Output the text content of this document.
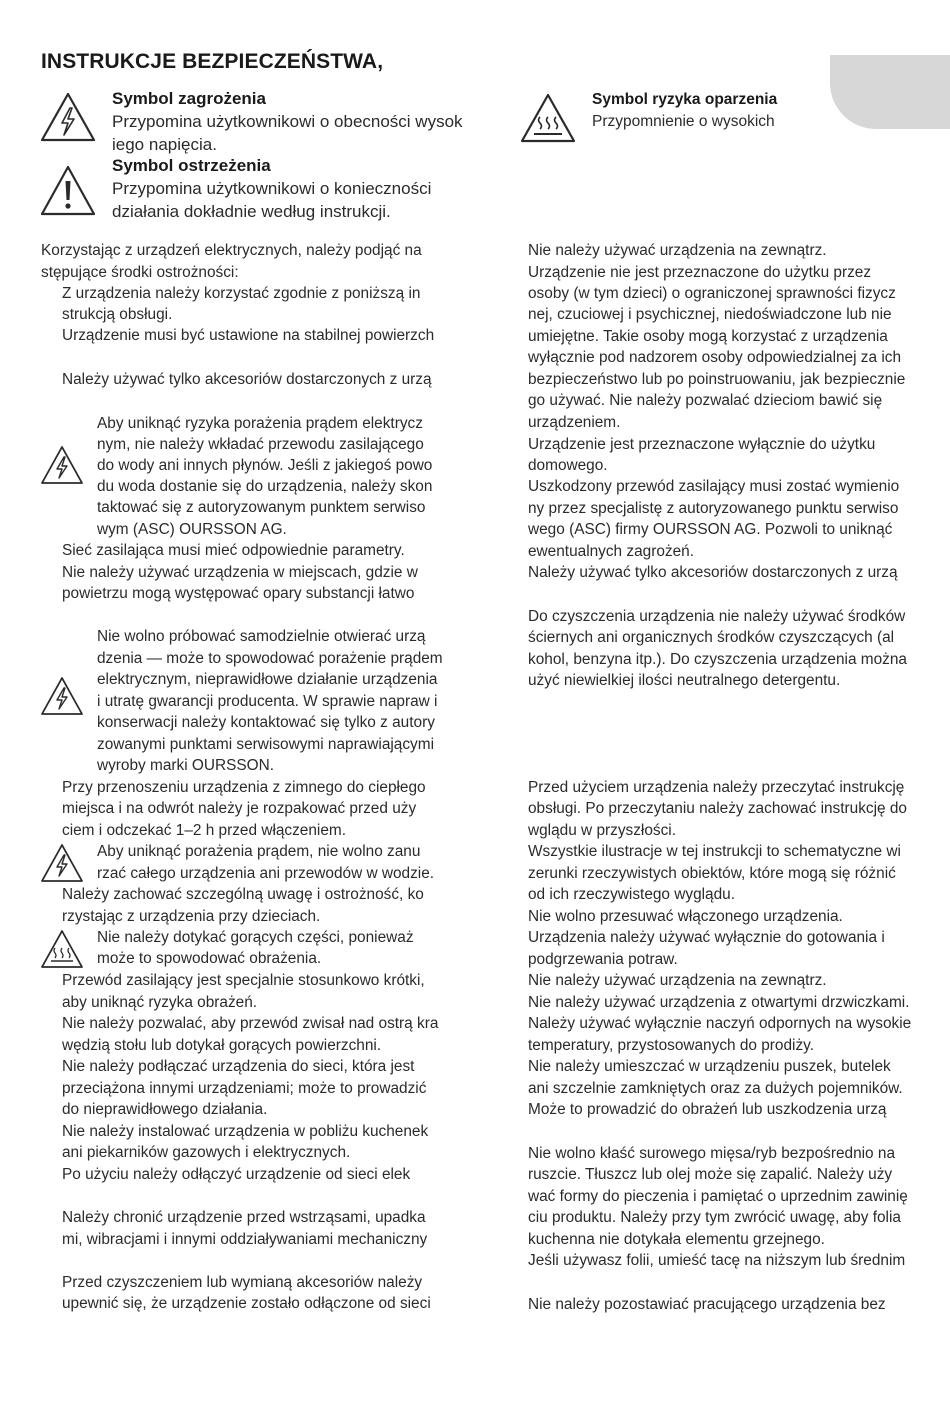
INSTRUKCJE BEZPIECZEŃSTWA,
Symbol zagrożenia
Przypomina użytkownikowi o obecności wysok
iego napięcia.
Symbol ostrzeżenia
Przypomina użytkownikowi o konieczności
działania dokładnie według instrukcji.
Symbol ryzyka oparzenia
Przypomnienie o wysokich
Korzystając z urządzeń elektrycznych, należy podjąć na
stępujące środki ostrożności:
Z urządzenia należy korzystać zgodnie z poniższą in
strukcją obsługi.
Urządzenie musi być ustawione na stabilnej powierzch
Należy używać tylko akcesoriów dostarczonych z urzą
Aby uniknąć ryzyka porażenia prądem elektrycz
nym, nie należy wkładać przewodu zasilającego
do wody ani innych płynów. Jeśli z jakiegoś powo
du woda dostanie się do urządzenia, należy skon
taktować się z autoryzowanym punktem serwiso
wym (ASC) OURSSON AG.
Sieć zasilająca musi mieć odpowiednie parametry.
Nie należy używać urządzenia w miejscach, gdzie w
powietrzu mogą występować opary substancji łatwo
Nie wolno próbować samodzielnie otwierać urzą
dzenia — może to spowodować porażenie prądem
elektrycznym, nieprawidłowe działanie urządzenia
i utratę gwarancji producenta. W sprawie napraw i
konserwacji należy kontaktować się tylko z autory
zowanymi punktami serwisowymi naprawiającymi
wyroby marki OURSSON.
Przy przenoszeniu urządzenia z zimnego do ciepłego
miejsca i na odwrót należy je rozpakować przed uży
ciem i odczekać 1–2 h przed włączeniem.
Aby uniknąć porażenia prądem, nie wolno zanu
rzać całego urządzenia ani przewodów w wodzie.
Należy zachować szczególną uwagę i ostrożność, ko
rzystając z urządzenia przy dzieciach.
Nie należy dotykać gorących części, ponieważ
może to spowodować obrażenia.
Przewód zasilający jest specjalnie stosunkowo krótki,
aby uniknąć ryzyka obrażeń.
Nie należy pozwalać, aby przewód zwisał nad ostrą kra
wędzią stołu lub dotykał gorących powierzchni.
Nie należy podłączać urządzenia do sieci, która jest
przeciążona innymi urządzeniami; może to prowadzić
do nieprawidłowego działania.
Nie należy instalować urządzenia w pobliżu kuchenek
ani piekarników gazowych i elektrycznych.
Po użyciu należy odłączyć urządzenie od sieci elek
Należy chronić urządzenie przed wstrząsami, upadka
mi, wibracjami i innymi oddziaływaniami mechaniczny
Przed czyszczeniem lub wymianą akcesoriów należy
upewnić się, że urządzenie zostało odłączone od sieci
Nie należy używać urządzenia na zewnątrz.
Urządzenie nie jest przeznaczone do użytku przez
osoby (w tym dzieci) o ograniczonej sprawności fizycz
nej, czuciowej i psychicznej, niedoświadczone lub nie
umiejętne. Takie osoby mogą korzystać z urządzenia
wyłącznie pod nadzorem osoby odpowiedzialnej za ich
bezpieczeństwo lub po poinstruowaniu, jak bezpiecznie
go używać. Nie należy pozwalać dzieciom bawić się
urządzeniem.
Urządzenie jest przeznaczone wyłącznie do użytku
domowego.
Uszkodzony przewód zasilający musi zostać wymienio
ny przez specjalistę z autoryzowanego punktu serwiso
wego (ASC) firmy OURSSON AG. Pozwoli to uniknąć
ewentualnych zagrożeń.
Należy używać tylko akcesoriów dostarczonych z urzą
Do czyszczenia urządzenia nie należy używać środków
ściernych ani organicznych środków czyszczących (al
kohol, benzyna itp.). Do czyszczenia urządzenia można
użyć niewielkiej ilości neutralnego detergentu.
Przed użyciem urządzenia należy przeczytać instrukcję
obsługi. Po przeczytaniu należy zachować instrukcję do
wglądu w przyszłości.
Wszystkie ilustracje w tej instrukcji to schematyczne wi
zerunki rzeczywistych obiektów, które mogą się różnić
od ich rzeczywistego wyglądu.
Nie wolno przesuwać włączonego urządzenia.
Urządzenia należy używać wyłącznie do gotowania i
podgrzewania potraw.
Nie należy używać urządzenia na zewnątrz.
Nie należy używać urządzenia z otwartymi drzwiczkami.
Należy używać wyłącznie naczyń odpornych na wysokie
temperatury, przystosowanych do prodiży.
Nie należy umieszczać w urządzeniu puszek, butelek
ani szczelnie zamkniętych oraz za dużych pojemników.
Może to prowadzić do obrażeń lub uszkodzenia urzą
Nie wolno kłaść surowego mięsa/ryb bezpośrednio na
ruszcie. Tłuszcz lub olej może się zapalić. Należy uży
wać formy do pieczenia i pamiętać o uprzednim zawinię
ciu produktu. Należy przy tym zwrócić uwagę, aby folia
kuchenna nie dotykała elementu grzejnego.
Jeśli używasz folii, umieść tacę na niższym lub średnim
Nie należy pozostawiać pracującego urządzenia bez
